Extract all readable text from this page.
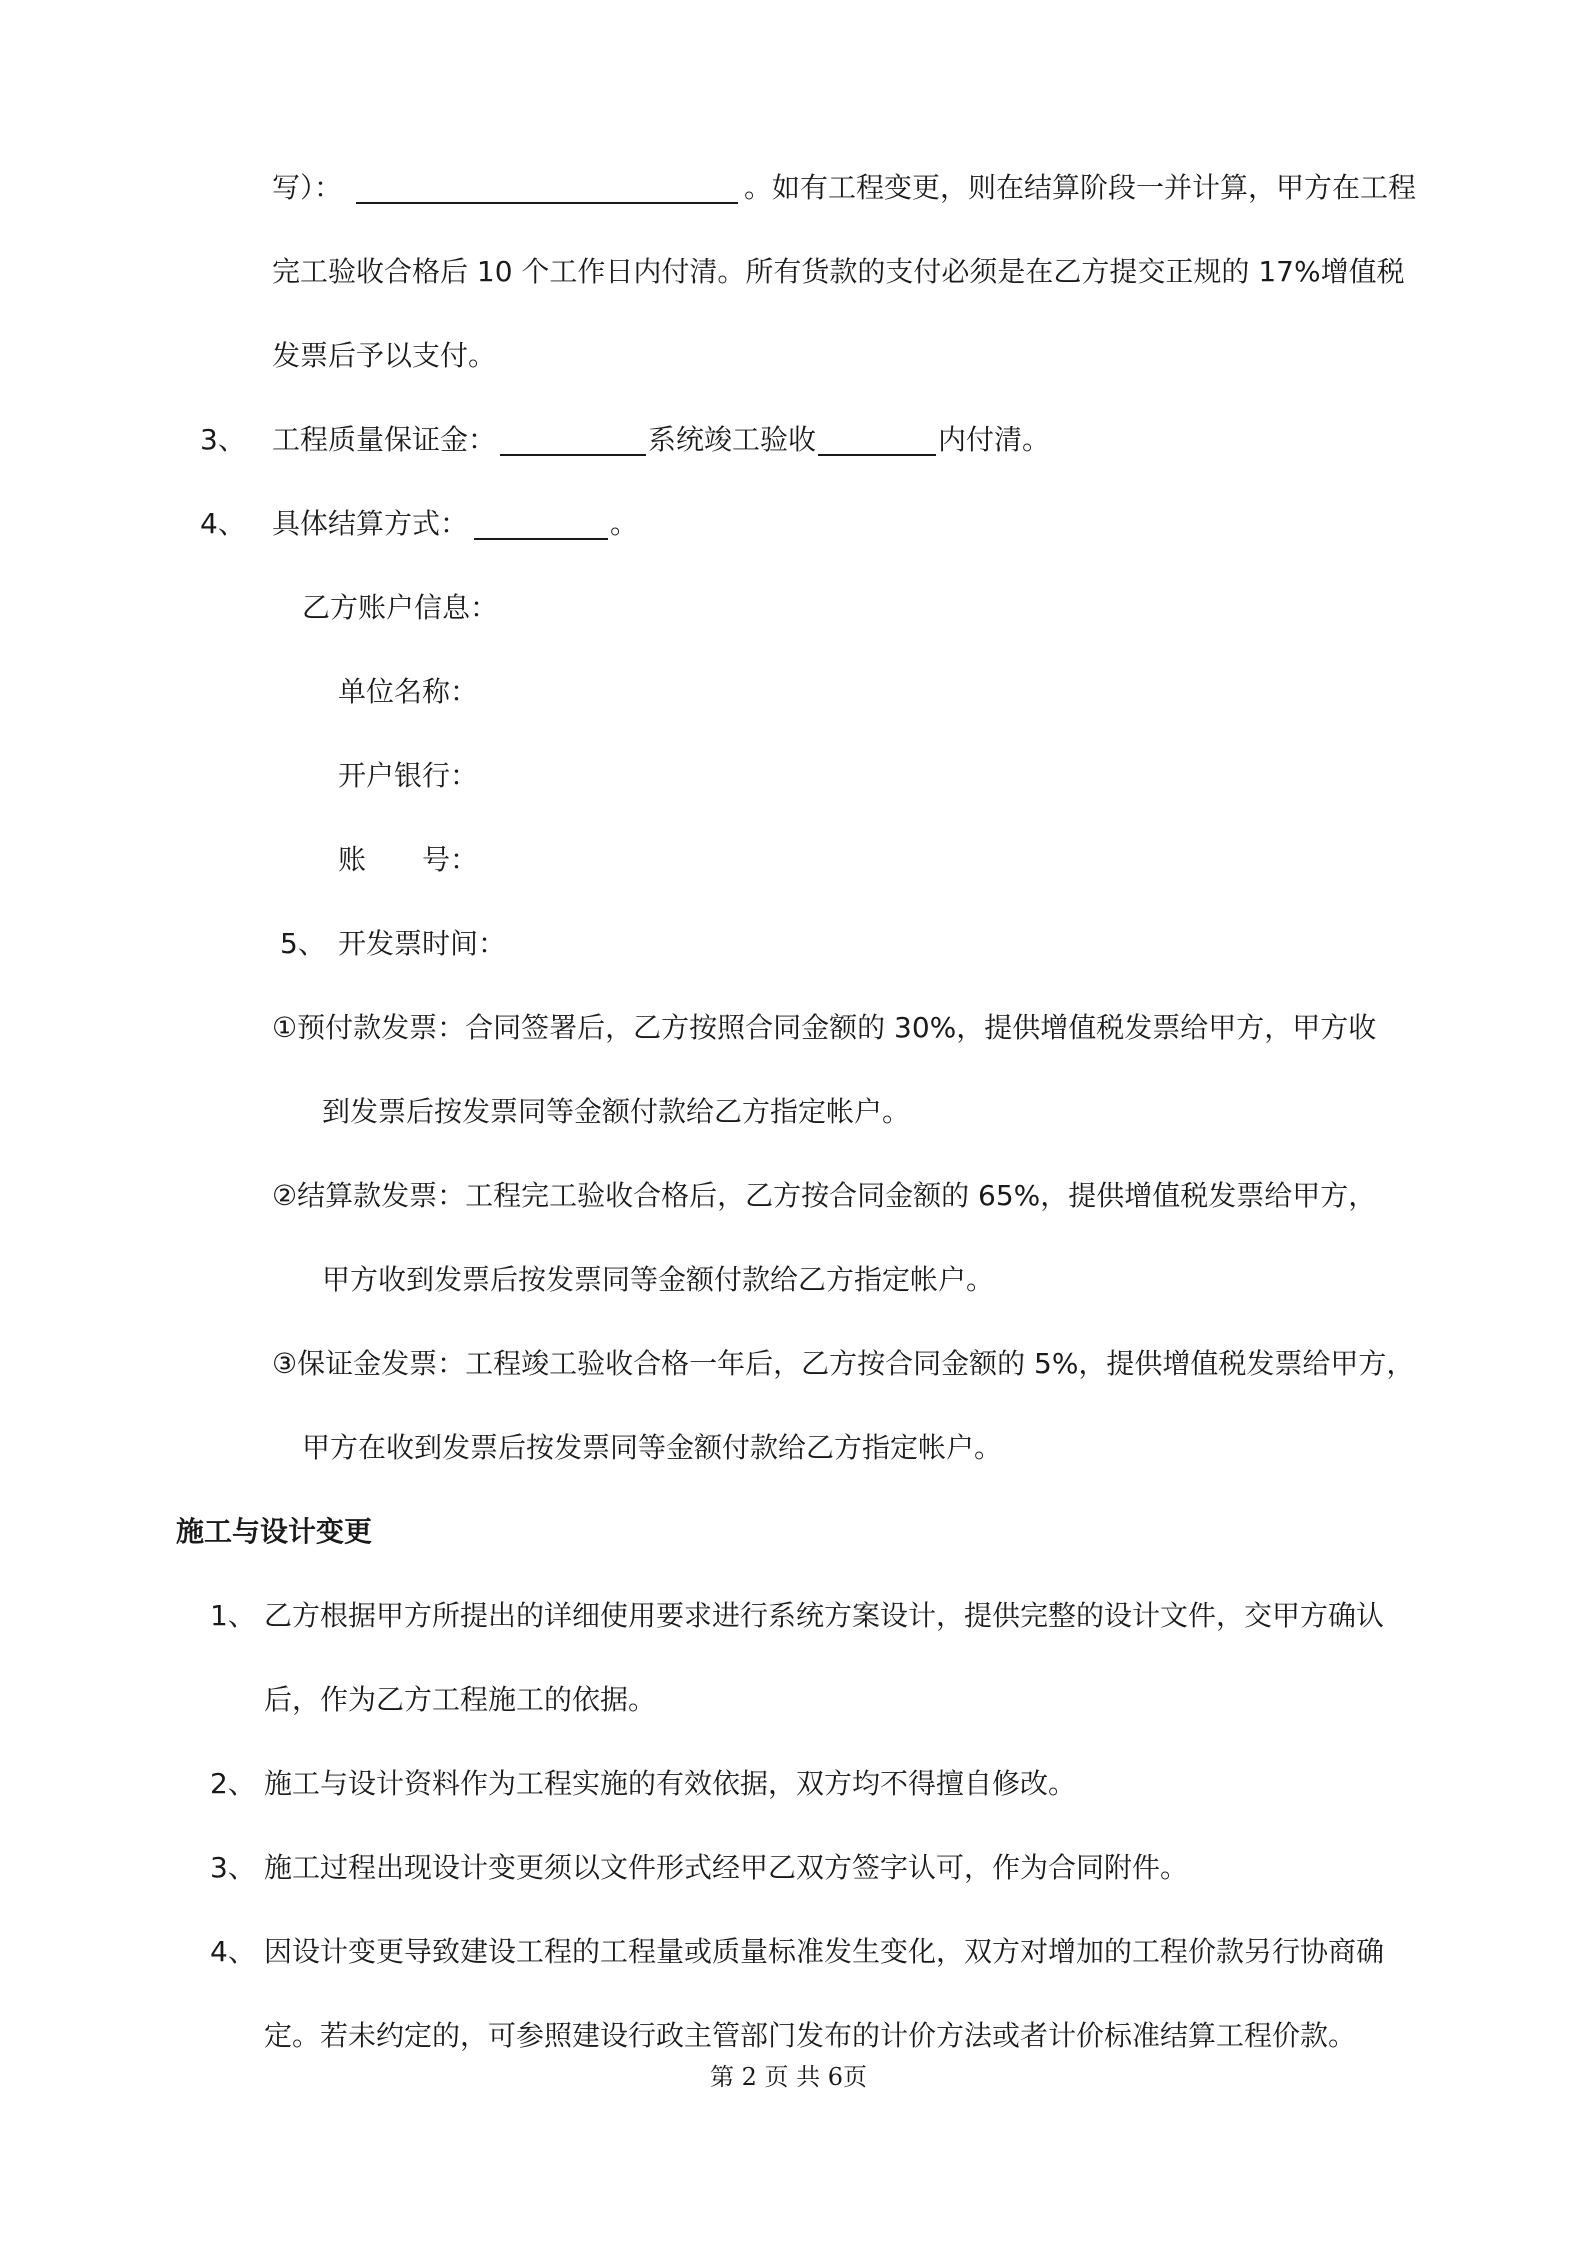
写）：	。如有工程变更，则在结算阶段一并计算，甲方在工程
完工验收合格后 10 个工作日内付清。所有货款的支付必须是在乙方提交正规的 17%增值税
发票后予以支付。
3、 工程质量保证金：	系统竣工验收	内付清。
4、 具体结算方式：	。
乙方账户信息：
单位名称：
开户银行：
账　　号：
5、 开发票时间：
①预付款发票：合同签署后，乙方按照合同金额的 30%，提供增值税发票给甲方，甲方收
到发票后按发票同等金额付款给乙方指定帐户。
②结算款发票：工程完工验收合格后，乙方按合同金额的 65%，提供增值税发票给甲方，
甲方收到发票后按发票同等金额付款给乙方指定帐户。
③保证金发票：工程竣工验收合格一年后，乙方按合同金额的 5%，提供增值税发票给甲方，
甲方在收到发票后按发票同等金额付款给乙方指定帐户。
施工与设计变更
1、 乙方根据甲方所提出的详细使用要求进行系统方案设计，提供完整的设计文件，交甲方确认
后，作为乙方工程施工的依据。
2、 施工与设计资料作为工程实施的有效依据，双方均不得擅自修改。
3、 施工过程出现设计变更须以文件形式经甲乙双方签字认可，作为合同附件。
4、 因设计变更导致建设工程的工程量或质量标准发生变化，双方对增加的工程价款另行协商确
定。若未约定的，可参照建设行政主管部门发布的计价方法或者计价标准结算工程价款。
第 2 页 共 6页
